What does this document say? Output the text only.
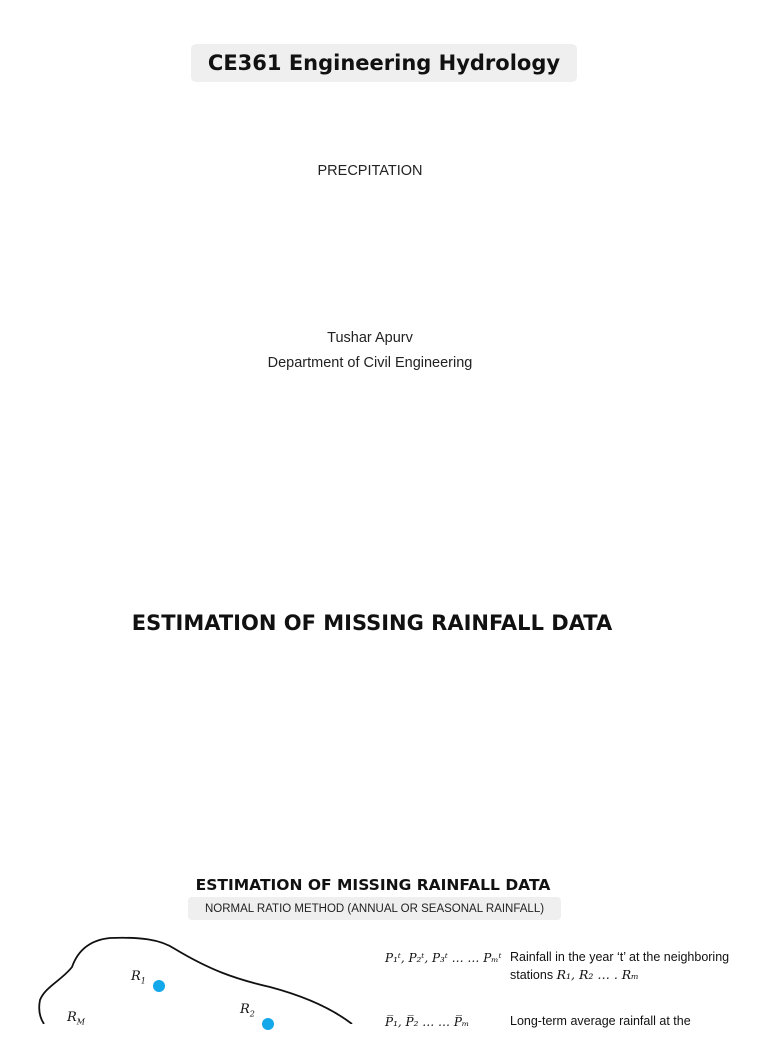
CE361 Engineering Hydrology
PRECPITATION
Tushar Apurv
Department of Civil Engineering
ESTIMATION OF MISSING RAINFALL DATA
ESTIMATION OF MISSING RAINFALL DATA
NORMAL RATIO METHOD (ANNUAL OR SEASONAL RAINFALL)
$R_1$
$R_2$
$R_M$
P₁ᵗ, P₂ᵗ, P₃ᵗ … … Pₘᵗ Rainfall in the year ‘t’ at the neighboring stations R₁, R₂ … . Rₘ
P̅₁, P̅₂ … … P̅ₘ	Long-term average rainfall at the
